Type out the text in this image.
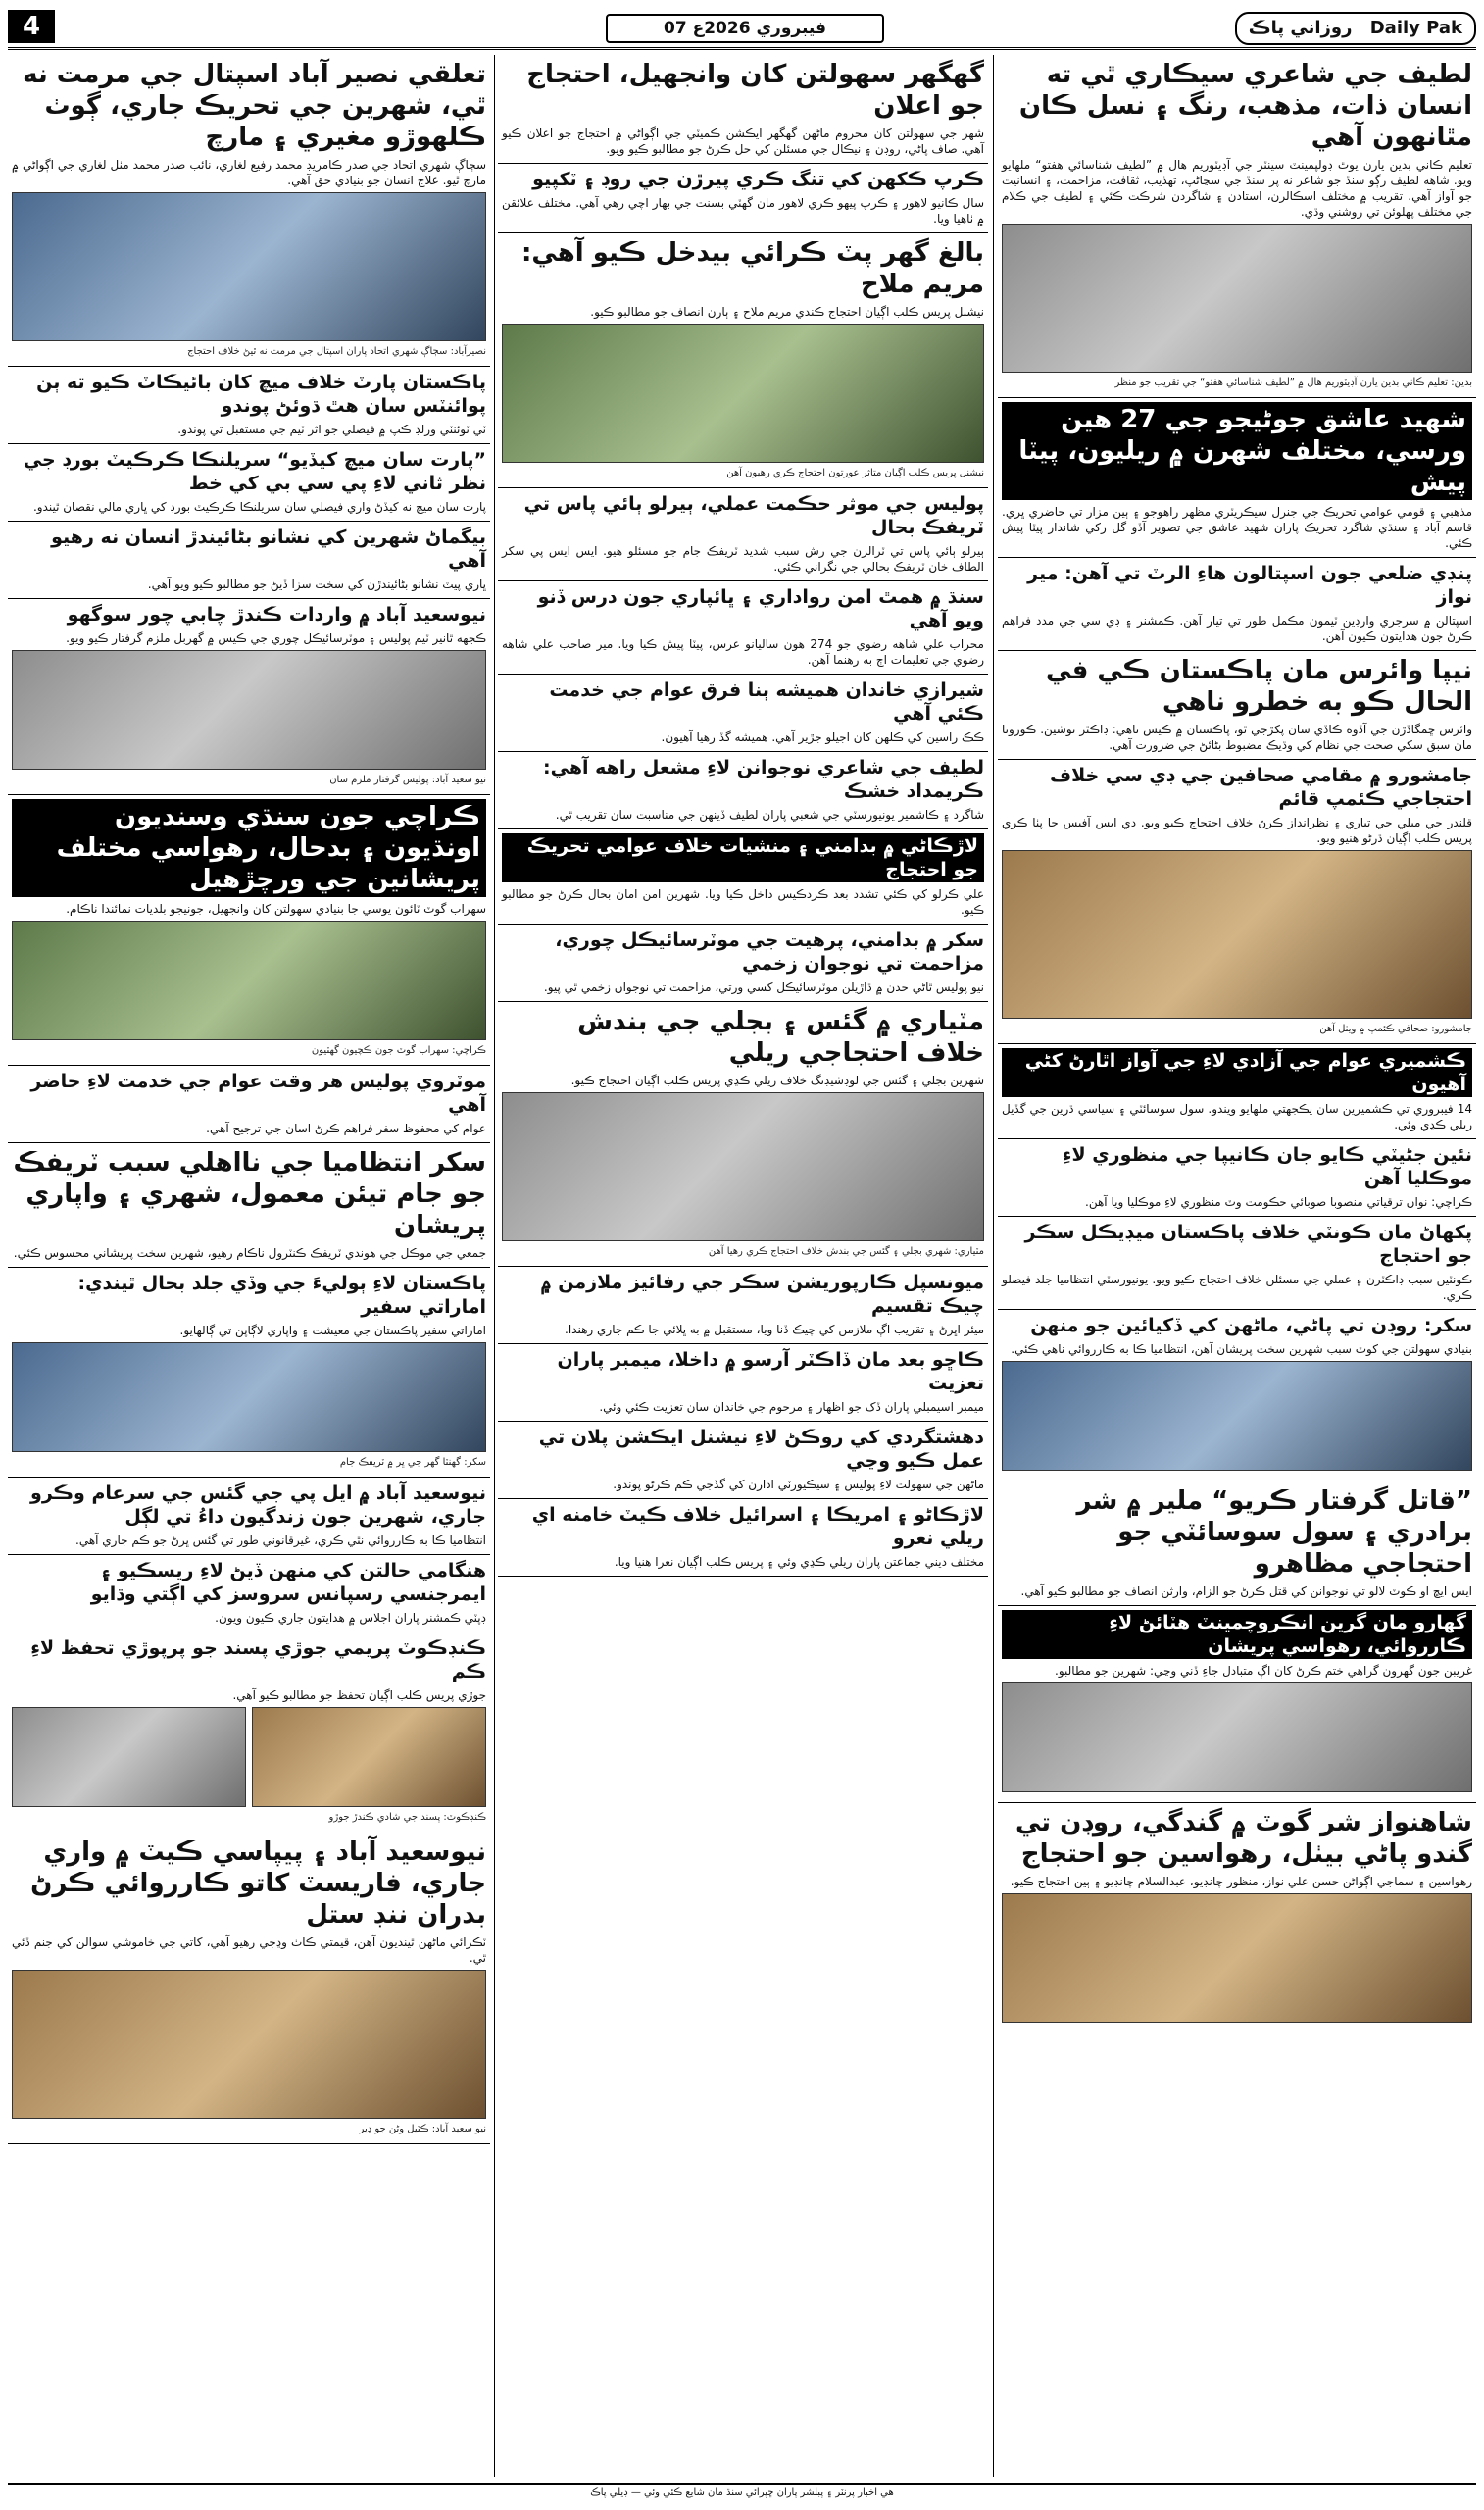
4	07 فيبروري 2026ع	روزاني پاڪ Daily Pak
لطيف جي شاعري سيڪاري ٿي ته انسان ذات، مذهب، رنگ ۽ نسل ڪان مٿانهون آهي

تعليم ڪاني بدين يارن يوٿ ڊولپمينٽ سينٽر جي آڊيٽوريم هال ۾ ”لطيف شناسائي هفتو“ ملهايو ويو. شاهه لطيف رڳو سنڌ جو شاعر نه پر سنڌ جي سڃاڻپ، تهذيب، ثقافت، مزاحمت، ۽ انسانيت جو آواز آهي. تقريب ۾ مختلف اسڪالرن، استادن ۽ شاگردن شرڪت ڪئي ۽ لطيف جي ڪلام جي مختلف پهلوئن تي روشني وڌي.

بدين: تعليم ڪاني بدين يارن آڊيٽوريم هال ۾ ”لطيف شناسائي هفتو“ جي تقريب جو منظر

شهيد عاشق جوڻيجو جي 27 هين ورسي، مختلف شهرن ۾ ريليون، پيٽا پيش

مذهبي ۽ قومي عوامي تحريڪ جي جنرل سيڪريٽري مظهر راهوجو ۽ ٻين مزار تي حاضري ڀري. قاسم آباد ۽ سنڌي شاگرد تحريڪ پاران شهيد عاشق جي تصوير آڏو گل رکي شاندار پيٽا پيش ڪئي.

پنڊي ضلعي جون اسپتالون هاءِ الرٽ تي آهن: مير نواز

اسپتالن ۾ سرجري وارڊين ٽيمون مڪمل طور تي تيار آهن. ڪمشنر ۽ ڊي سي جي مدد فراهم ڪرڻ جون هدايتون ڪيون آهن.

نيپا وائرس مان پاڪستان ڪي في الحال ڪو به خطرو ناهي

وائرس ڇمگاڏڙن جي آڏوه ڪاڏي سان پکڙجي ٿو، پاڪستان ۾ ڪيس ناهي: ڊاڪٽر نوشين. ڪورونا مان سبق سکي صحت جي نظام کي وڌيڪ مضبوط بڻائڻ جي ضرورت آهي.

جامشورو ۾ مقامي صحافين جي ڊي سي خلاف احتجاجي ڪئمپ قائم

قلندر جي ميلي جي تياري ۽ نظرانداز ڪرڻ خلاف احتجاج ڪيو ويو. ڊي ايس آفيس جا پٺا ڪري پريس ڪلب اڳيان ڌرڻو هنيو ويو.

جامشورو: صحافي ڪئمپ ۾ ويٺل آهن

ڪشميري عوام جي آزادي لاءِ جي آواز اٿارڻ کڻي آهيون

14 فيبروري تي ڪشميرين سان يڪجهتي ملهايو ويندو. سول سوسائٽي ۽ سياسي ڌرين جي گڏيل ريلي ڪڍي وئي.

نئين جڻيٽي ڪايو جان ڪانيپا جي منظوري لاءِ موڪليا آهن

ڪراچي: نوان ترقياتي منصوبا صوبائي حڪومت وٽ منظوري لاءِ موڪليا ويا آهن.

پکهاڻ مان ڪونٽي خلاف پاڪستان ميڊيڪل سڪر جو احتجاج

ڪونٽين سبب ڊاڪٽرن ۽ عملي جي مسئلن خلاف احتجاج ڪيو ويو. يونيورسٽي انتظاميا جلد فيصلو ڪري.

سکر: روڊن تي پاڻي، ماڻهن کي ڏکيائين جو منهن

بنيادي سهولتن جي کوٽ سبب شهرين سخت پريشان آهن، انتظاميا ڪا به ڪارروائي ناهي ڪئي.

”قاتل گرفتار ڪريو“ ملير ۾ شر برادري ۽ سول سوسائٽي جو احتجاجي مظاهرو

ايس ايڇ او ڪوٽ لالو تي نوجوانن کي قتل ڪرڻ جو الزام، وارثن انصاف جو مطالبو ڪيو آهي.

گهارو مان گرين انڪروچمينٽ هٽائڻ لاءِ ڪارروائي، رهواسي پريشان

غريبن جون گهرون گراهي ختم ڪرڻ کان اڳ متبادل جاءِ ڏني وڃي: شهرين جو مطالبو.

شاهنواز شر گوٽ ۾ گندگي، روڊن تي گندو پاڻي بيٺل، رهواسين جو احتجاج

رهواسين ۽ سماجي اڳواڻن حسن علي نواز، منظور چانڊيو، عبدالسلام چانڊيو ۽ ٻين احتجاج ڪيو.

گهگهر سهولتن کان وانجهيل، احتجاج جو اعلان

شهر جي سهولتن کان محروم ماڻهن گهگهر ايڪشن ڪميٽي جي اڳواڻي ۾ احتجاج جو اعلان ڪيو آهي. صاف پاڻي، روڊن ۽ نيڪال جي مسئلن کي حل ڪرڻ جو مطالبو ڪيو ويو.

ڪرپ ڪکهن کي تنگ ڪري پيرڙن جي روڊ ۽ ٽکپيو

سال ڪانيو لاهور ۽ ڪرپ پيهو ڪري لاهور مان گهٽي بسنت جي بهار اچي رهي آهي. مختلف علائقن ۾ ٺاهيا ويا.

بالغ گهر پٽ ڪرائي بيدخل ڪيو آهي: مريم ملاح

نيشنل پريس ڪلب اڳيان احتجاج ڪندي مريم ملاح ۽ ٻارن انصاف جو مطالبو ڪيو.

نيشنل پريس ڪلب اڳيان متاثر عورتون احتجاج ڪري رهيون آهن

پوليس جي موثر حڪمت عملي، ٻيرلو ٻائي پاس تي ٽريفڪ بحال

ٻيرلو ٻائي پاس تي ٽرالرن جي رش سبب شديد ٽريفڪ جام جو مسئلو هيو. ايس ايس پي سکر الطاف خان ٽريفڪ بحالي جي نگراني ڪئي.

سنڌ ۾ همٿ امن رواداري ۽ ڀائپاري جون درس ڏنو ويو آهي

محراب علي شاهه رضوي جو 274 هون ساليانو عرس، پيٽا پيش ڪيا ويا. مير صاحب علي شاهه رضوي جي تعليمات اڄ به رهنما آهن.

شيرازي خاندان هميشه ٻنا فرق عوام جي خدمت ڪئي آهي

ڪڪ راسين کي ڪلهن کان اجيلو جڙير آهي. هميشه گڏ رهيا آهيون.

لطيف جي شاعري نوجوانن لاءِ مشعل راهه آهي: ڪريمداد خشڪ

شاگرد ۽ ڪاشمير يونيورسٽي جي شعبي پاران لطيف ڏينهن جي مناسبت سان تقريب ٿي.

لاڙڪاڻي ۾ بدامني ۽ منشيات خلاف عوامي تحريڪ جو احتجاج

علي ڪرلو کي ڪئي تشدد بعد ڪردڪيس داخل ڪيا ويا. شهرين امن امان بحال ڪرڻ جو مطالبو ڪيو.

سکر ۾ بدامني، پرهيت جي موٽرسائيڪل چوري، مزاحمت تي نوجوان زخمي

نيو پوليس ٿاڻي حدن ۾ ڌاڙيلن موٽرسائيڪل کسي ورتي، مزاحمت تي نوجوان زخمي ٿي پيو.

مٽياري ۾ گئس ۽ بجلي جي بندش خلاف احتجاجي ريلي

شهرين بجلي ۽ گئس جي لوڊشيڊنگ خلاف ريلي ڪڍي پريس ڪلب اڳيان احتجاج ڪيو.

مٽياري: شهري بجلي ۽ گئس جي بندش خلاف احتجاج ڪري رهيا آهن

ميونسپل ڪارپوريشن سڪر جي رفائيز ملازمن ۾ چيڪ تقسيم

ميئر اڀرڻ ۽ تقريب اڳ ملازمن کي چيڪ ڏنا ويا، مستقبل ۾ به ڀلائي جا ڪم جاري رهندا.

ڪاڇو بعد مان ڏاڪٽر آرسو ۾ داخلا، ميمبر پاران تعزيت

ميمبر اسيمبلي پاران ڏک جو اظهار ۽ مرحوم جي خاندان سان تعزيت ڪئي وئي.

دهشتگردي کي روڪڻ لاءِ نيشنل ايڪشن پلان تي عمل ڪيو وڃي

ماڻهن جي سهولت لاءِ پوليس ۽ سيڪيورٽي ادارن کي گڏجي ڪم ڪرڻو پوندو.

لاڙڪاڻو ۽ امريڪا ۽ اسرائيل خلاف ڪيٽ خامنه اي ريلي نعرو

مختلف ديني جماعتن پاران ريلي ڪڍي وئي ۽ پريس ڪلب اڳيان نعرا هنيا ويا.

تعلقي نصير آباد اسپتال جي مرمت نه ٿي، شهرين جي تحريڪ جاري، ڳوٺ ڪلهوڙو مغيري ۽ مارچ

سڄاڳ شهري اتحاد جي صدر ڪامريڊ محمد رفيع لغاري، نائب صدر محمد مٺل لغاري جي اڳواڻي ۾ مارچ ٿيو. علاج انسان جو بنيادي حق آهي.

نصيرآباد: سڄاڳ شهري اتحاد پاران اسپتال جي مرمت نه ٿيڻ خلاف احتجاج

پاڪستان پارٽ خلاف ميچ کان بائيڪاٽ ڪيو ته ٻن پوائنٽس سان هٿ ڌوئڻ پوندو

ٽي ٽوئنٽي ورلڊ ڪپ ۾ فيصلي جو اثر ٽيم جي مستقبل تي پوندو.

”پارت سان ميچ کيڏيو“ سريلنڪا ڪرڪيٽ بورڊ جي نظر ثاني لاءِ پي سي بي کي خط

پارت سان ميچ نه کيڏڻ واري فيصلي سان سريلنڪا ڪرڪيٽ بورڊ کي ڀاري مالي نقصان ٿيندو.

بيگماڻ شهرين کي نشانو بڻائيندڙ انسان نه رهيو آهي

ڀاري پيٽ نشانو بڻائيندڙن کي سخت سزا ڏيڻ جو مطالبو ڪيو ويو آهي.

نيوسعيد آباد ۾ واردات ڪندڙ چابي چور سوگهو

ڪجهه ٿانير ٽيم پوليس ۽ موٽرسائيڪل چوري جي ڪيس ۾ گهربل ملزم گرفتار ڪيو ويو.

نيو سعيد آباد: پوليس گرفتار ملزم سان

ڪراچي جون سنڌي وسنديون اونڌيون ۽ بدحال، رهواسي مختلف پريشانين جي ورچڙهيل

سهراب گوٽ ٽائون يوسي جا بنيادي سهولتن کان وانجهيل، جونيجو بلديات نمائندا ناڪام.

ڪراچي: سهراب گوٽ جون ڪچيون گهٽيون

موٽروي پوليس هر وقت عوام جي خدمت لاءِ حاضر آهي

عوام کي محفوظ سفر فراهم ڪرڻ اسان جي ترجيح آهي.

سکر انتظاميا جي نااهلي سبب ٽريفڪ جو جام تيئن معمول، شهري ۽ واپاري پريشان

جمعي جي موڪل جي هوندي ٽريفڪ ڪنٽرول ناڪام رهيو، شهرين سخت پريشاني محسوس ڪئي.

پاڪستان لاءِ ٻوليءَ جي وڏي جلد بحال ٿيندي: اماراتي سفير

اماراتي سفير پاڪستان جي معيشت ۽ واپاري لاڳاپن تي ڳالهايو.

سکر: گهنٽا گهر جي ڀر ۾ ٽريفڪ جام

نيوسعيد آباد ۾ ايل پي جي گئس جي سرعام وڪرو جاري، شهرين جون زندگيون داءُ تي لڳل

انتظاميا ڪا به ڪارروائي نٿي ڪري، غيرقانوني طور تي گئس ڀرڻ جو ڪم جاري آهي.

هنگامي حالتن کي منهن ڏيڻ لاءِ ريسڪيو ۽ ايمرجنسي رسپانس سروسز کي اڳتي وڌايو

ڊپٽي ڪمشنر پاران اجلاس ۾ هدايتون جاري ڪيون ويون.

ڪنڊڪوٽ پريمي جوڙي پسند جو پرپوڙي تحفظ لاءِ ڪم

جوڙي پريس ڪلب اڳيان تحفظ جو مطالبو ڪيو آهي.

ڪنڊڪوٽ: پسند جي شادي ڪندڙ جوڙو

نيوسعيد آباد ۽ پيپاسي ڪيٽ ۾ واري جاري، فاريسٽ کاتو ڪارروائي ڪرڻ بدران ننڊ ستل

ٽڪرائي ماڻهن ٿينديون آهن، قيمتي ڪاٺ وڍجي رهيو آهي، کاتي جي خاموشي سوالن کي جنم ڏئي ٿي.

نيو سعيد آباد: ڪٽيل وڻن جو ڍير

هي اخبار پرنٽر ۽ پبلشر پاران ڇپرائي سنڌ مان شايع ڪئي وئي — ڊيلي پاڪ
